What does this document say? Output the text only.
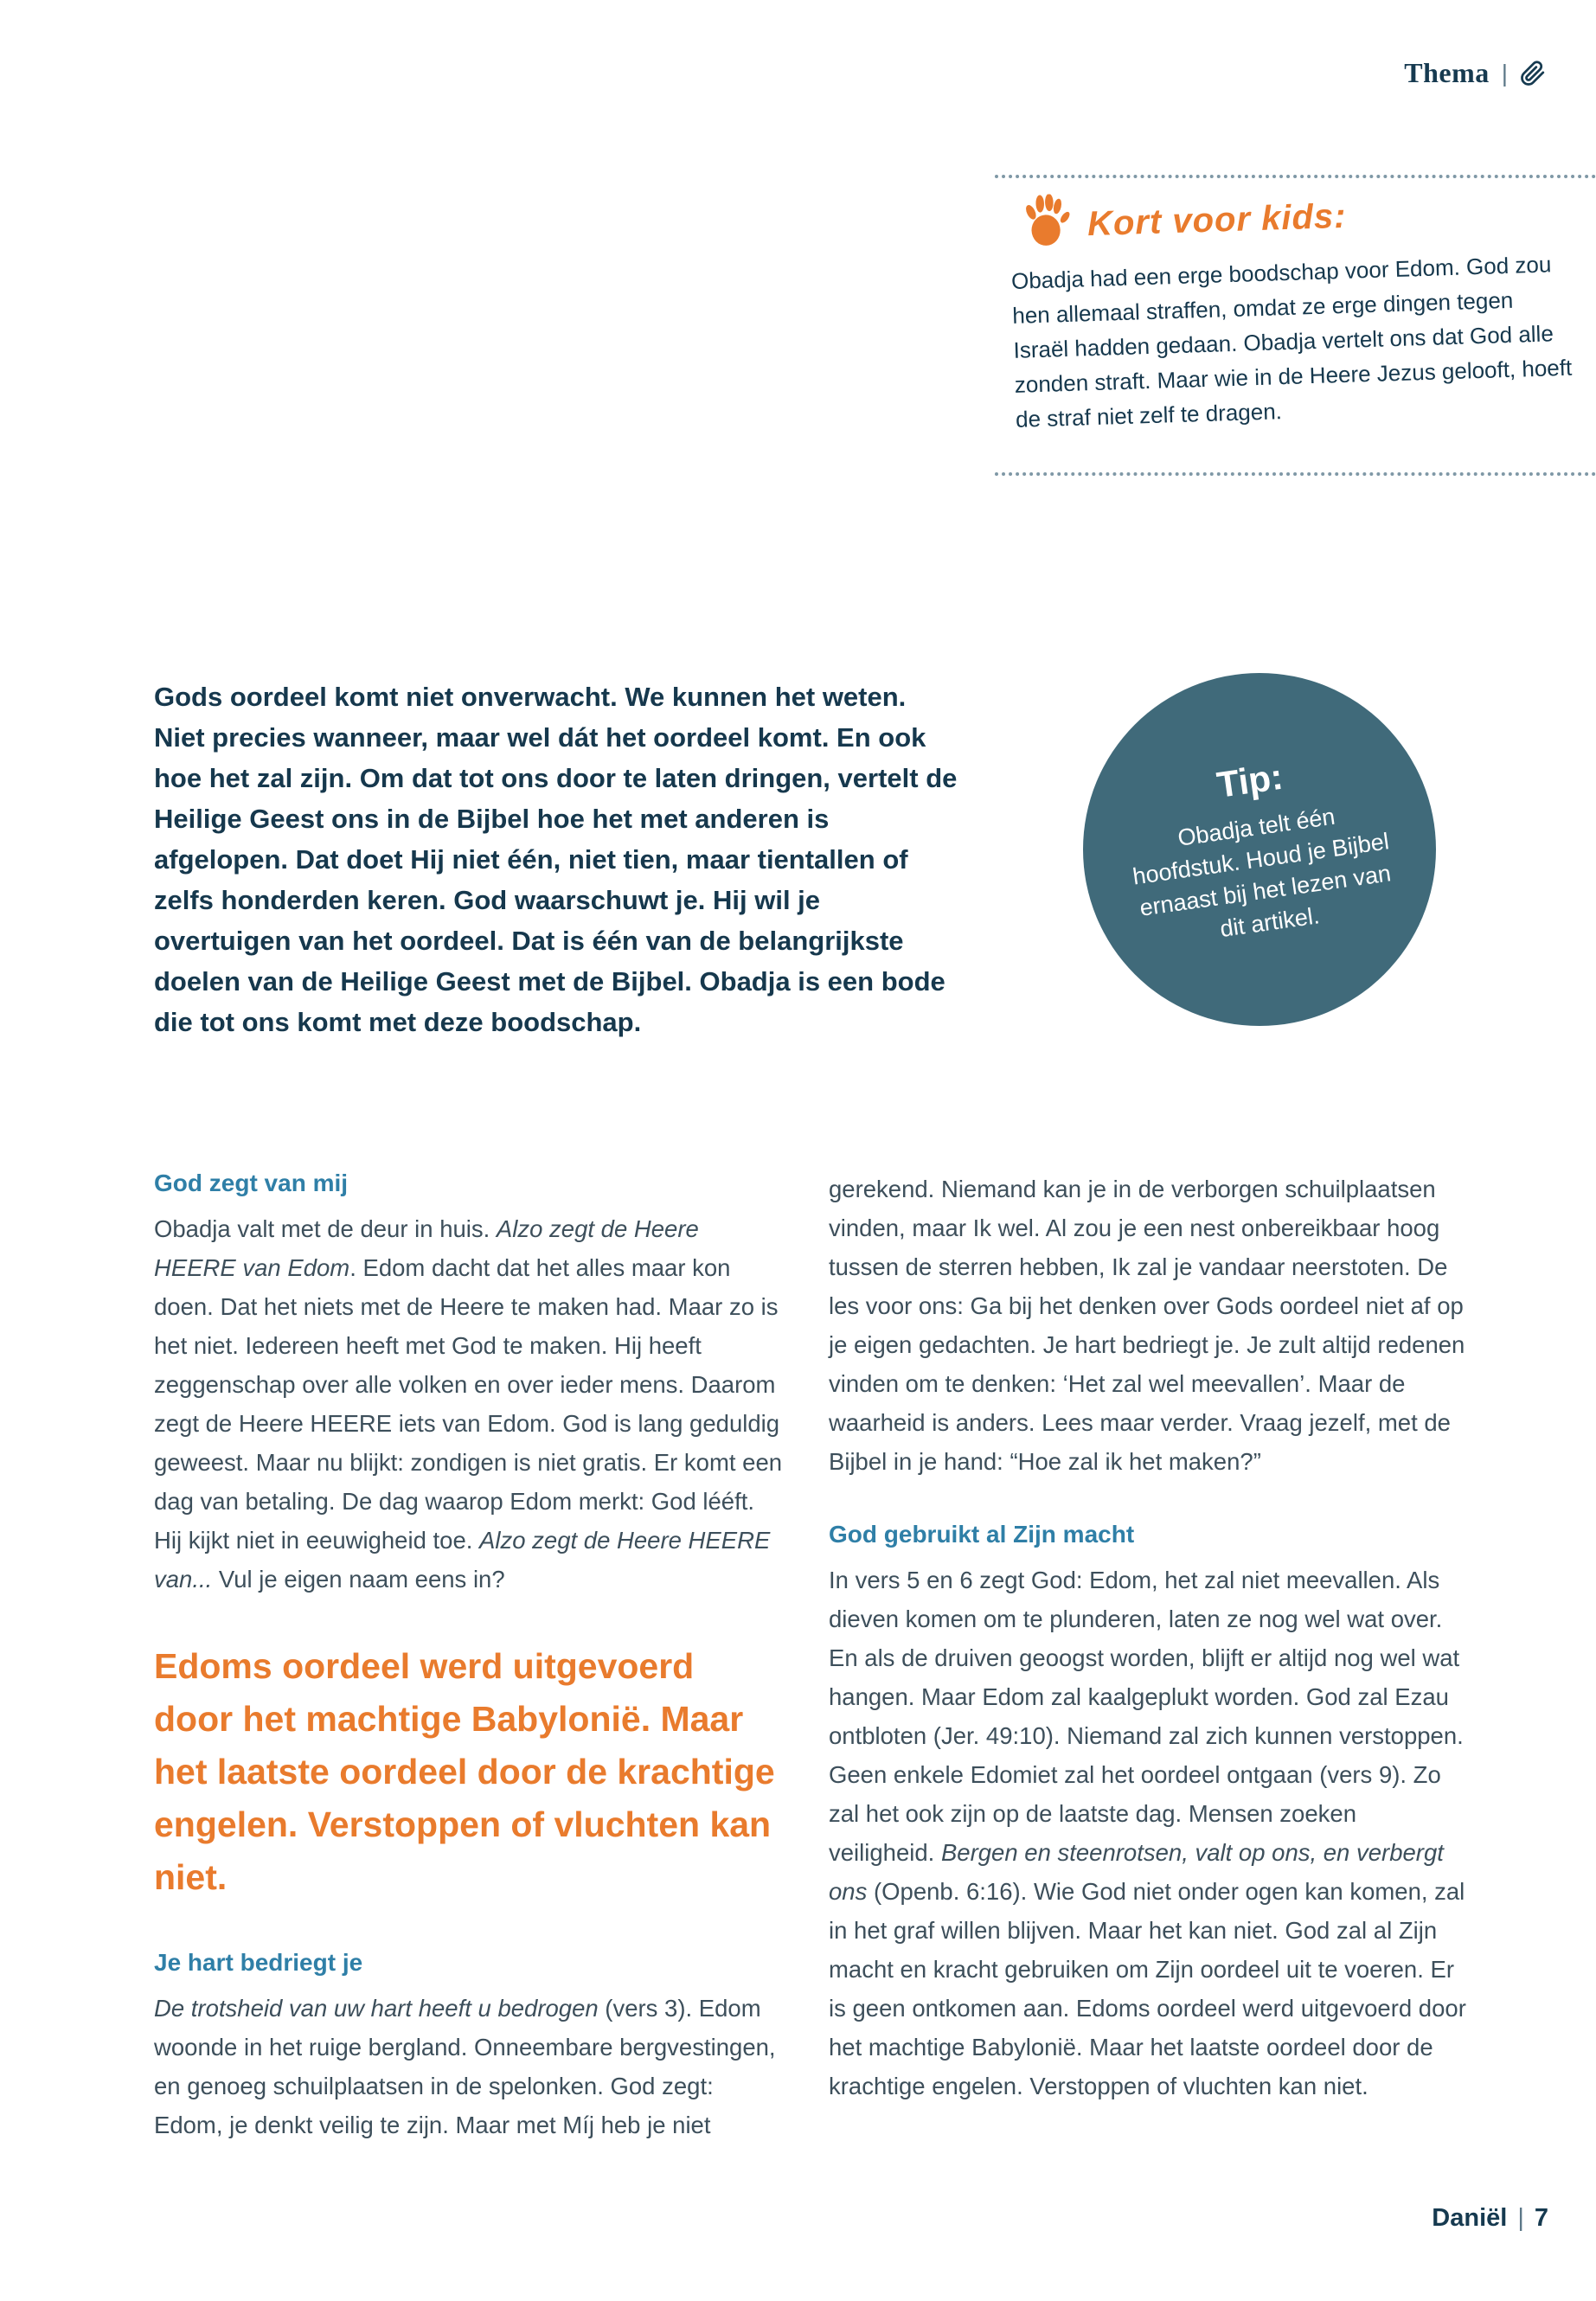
Thema |
Kort voor kids:

Obadja had een erge boodschap voor Edom. God zou hen allemaal straffen, omdat ze erge dingen tegen Israël hadden gedaan. Obadja vertelt ons dat God alle zonden straft. Maar wie in de Heere Jezus gelooft, hoeft de straf niet zelf te dragen.

Gods oordeel komt niet onverwacht. We kunnen het weten. Niet precies wanneer, maar wel dát het oordeel komt. En ook hoe het zal zijn. Om dat tot ons door te laten dringen, vertelt de Heilige Geest ons in de Bijbel hoe het met anderen is afgelopen. Dat doet Hij niet één, niet tien, maar tientallen of zelfs honderden keren. God waarschuwt je. Hij wil je overtuigen van het oordeel. Dat is één van de belangrijkste doelen van de Heilige Geest met de Bijbel. Obadja is een bode die tot ons komt met deze boodschap.

Tip:
Obadja telt één hoofdstuk. Houd je Bijbel ernaast bij het lezen van dit artikel.
God zegt van mij

Obadja valt met de deur in huis. Alzo zegt de Heere HEERE van Edom. Edom dacht dat het alles maar kon doen. Dat het niets met de Heere te maken had. Maar zo is het niet. Iedereen heeft met God te maken. Hij heeft zeggenschap over alle volken en over ieder mens. Daarom zegt de Heere HEERE iets van Edom. God is lang geduldig geweest. Maar nu blijkt: zondigen is niet gratis. Er komt een dag van betaling. De dag waarop Edom merkt: God lééft. Hij kijkt niet in eeuwigheid toe. Alzo zegt de Heere HEERE van... Vul je eigen naam eens in?

Edoms oordeel werd uitgevoerd door het machtige Babylonië. Maar het laatste oordeel door de krachtige engelen. Verstoppen of vluchten kan niet.

Je hart bedriegt je

De trotsheid van uw hart heeft u bedrogen (vers 3). Edom woonde in het ruige bergland. Onneembare bergvestingen, en genoeg schuilplaatsen in de spelonken. God zegt: Edom, je denkt veilig te zijn. Maar met Míj heb je niet

gerekend. Niemand kan je in de verborgen schuilplaatsen vinden, maar Ik wel. Al zou je een nest onbereikbaar hoog tussen de sterren hebben, Ik zal je vandaar neerstoten. De les voor ons: Ga bij het denken over Gods oordeel niet af op je eigen gedachten. Je hart bedriegt je. Je zult altijd redenen vinden om te denken: ‘Het zal wel meevallen’. Maar de waarheid is anders. Lees maar verder. Vraag jezelf, met de Bijbel in je hand: “Hoe zal ik het maken?”

God gebruikt al Zijn macht

In vers 5 en 6 zegt God: Edom, het zal niet meevallen. Als dieven komen om te plunderen, laten ze nog wel wat over. En als de druiven geoogst worden, blijft er altijd nog wel wat hangen. Maar Edom zal kaalgeplukt worden. God zal Ezau ontbloten (Jer. 49:10). Niemand zal zich kunnen verstoppen. Geen enkele Edomiet zal het oordeel ontgaan (vers 9). Zo zal het ook zijn op de laatste dag. Mensen zoeken veiligheid. Bergen en steenrotsen, valt op ons, en verbergt ons (Openb. 6:16). Wie God niet onder ogen kan komen, zal in het graf willen blijven. Maar het kan niet. God zal al Zijn macht en kracht gebruiken om Zijn oordeel uit te voeren. Er is geen ontkomen aan. Edoms oordeel werd uitgevoerd door het machtige Babylonië. Maar het laatste oordeel door de krachtige engelen. Verstoppen of vluchten kan niet.

Daniël | 7
